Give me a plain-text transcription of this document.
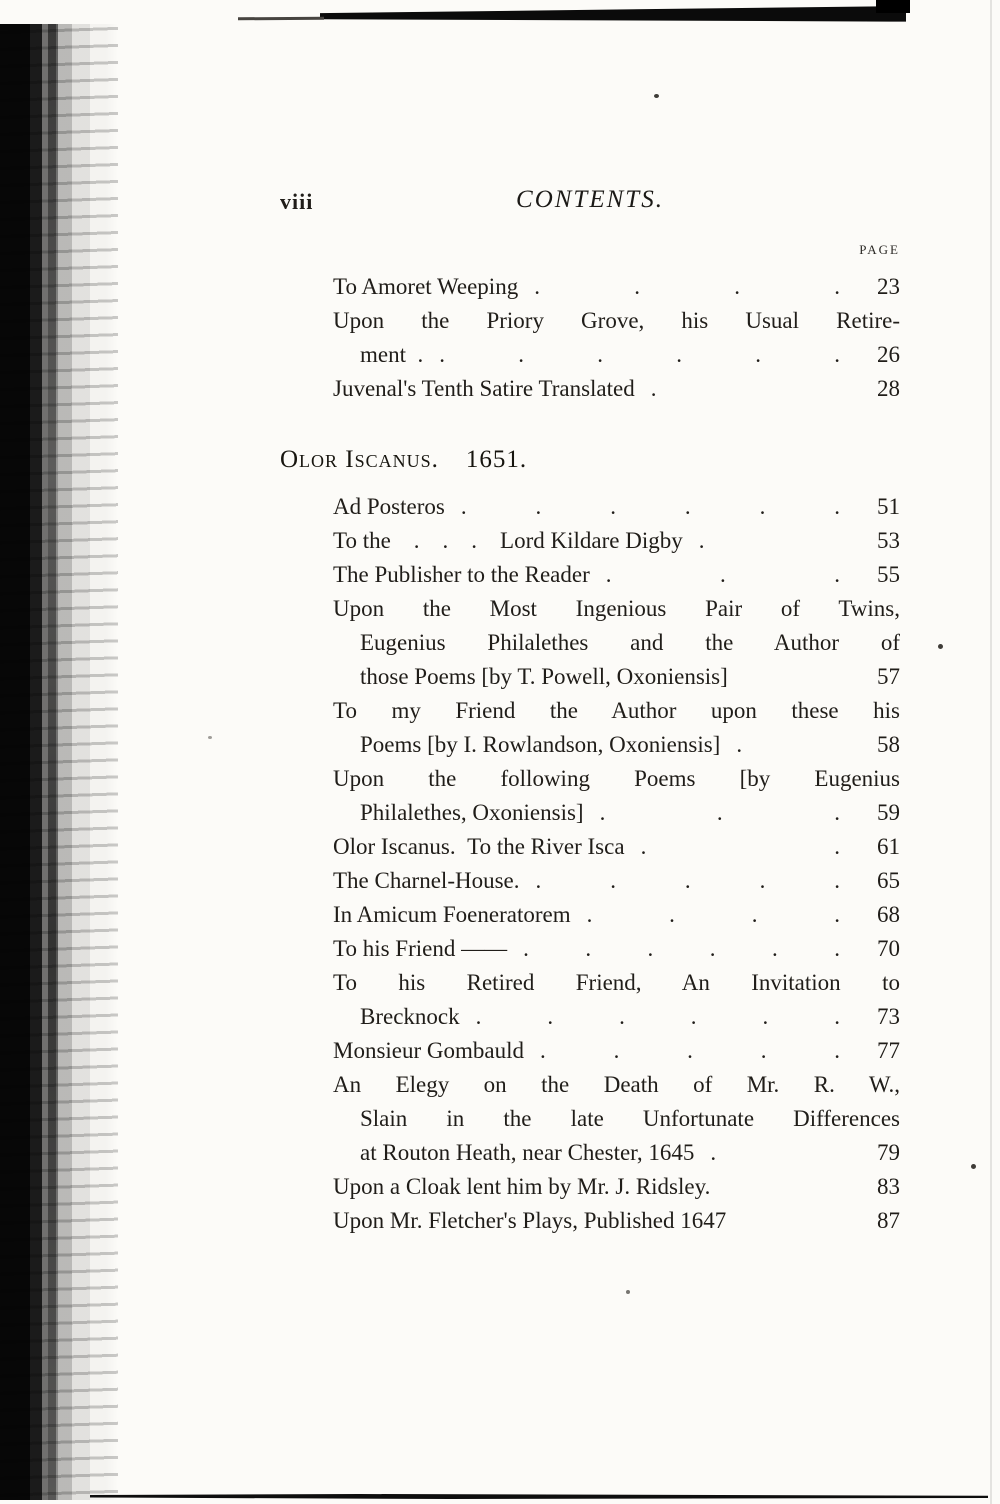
viii	CONTENTS.
PAGE
To Amoret Weeping . . . .	23
Upon the Priory Grove, his Usual Retire-
ment . . . . . . .	26
Juvenal's Tenth Satire Translated .	28
Olor Iscanus.  1651.
Ad Posteros . . . . . .	51
To the . . . Lord Kildare Digby .	53
The Publisher to the Reader . . .	55
Upon the Most Ingenious Pair of Twins,
Eugenius Philalethes and the Author of
those Poems [by T. Powell, Oxoniensis]	57
To my Friend the Author upon these his
Poems [by I. Rowlandson, Oxoniensis] .	58
Upon the following Poems [by Eugenius
Philalethes, Oxoniensis] . . .	59
Olor Iscanus. To the River Isca . .	61
The Charnel-House. . . . . .	65
In Amicum Foeneratorem . . . .	68
To his Friend —— . . . . . .	70
To his Retired Friend, An Invitation to
Brecknock . . . . . .	73
Monsieur Gombauld . . . . .	77
An Elegy on the Death of Mr. R. W.,
Slain in the late Unfortunate Differences
at Routon Heath, near Chester, 1645 .	79
Upon a Cloak lent him by Mr. J. Ridsley.	83
Upon Mr. Fletcher's Plays, Published 1647	87
